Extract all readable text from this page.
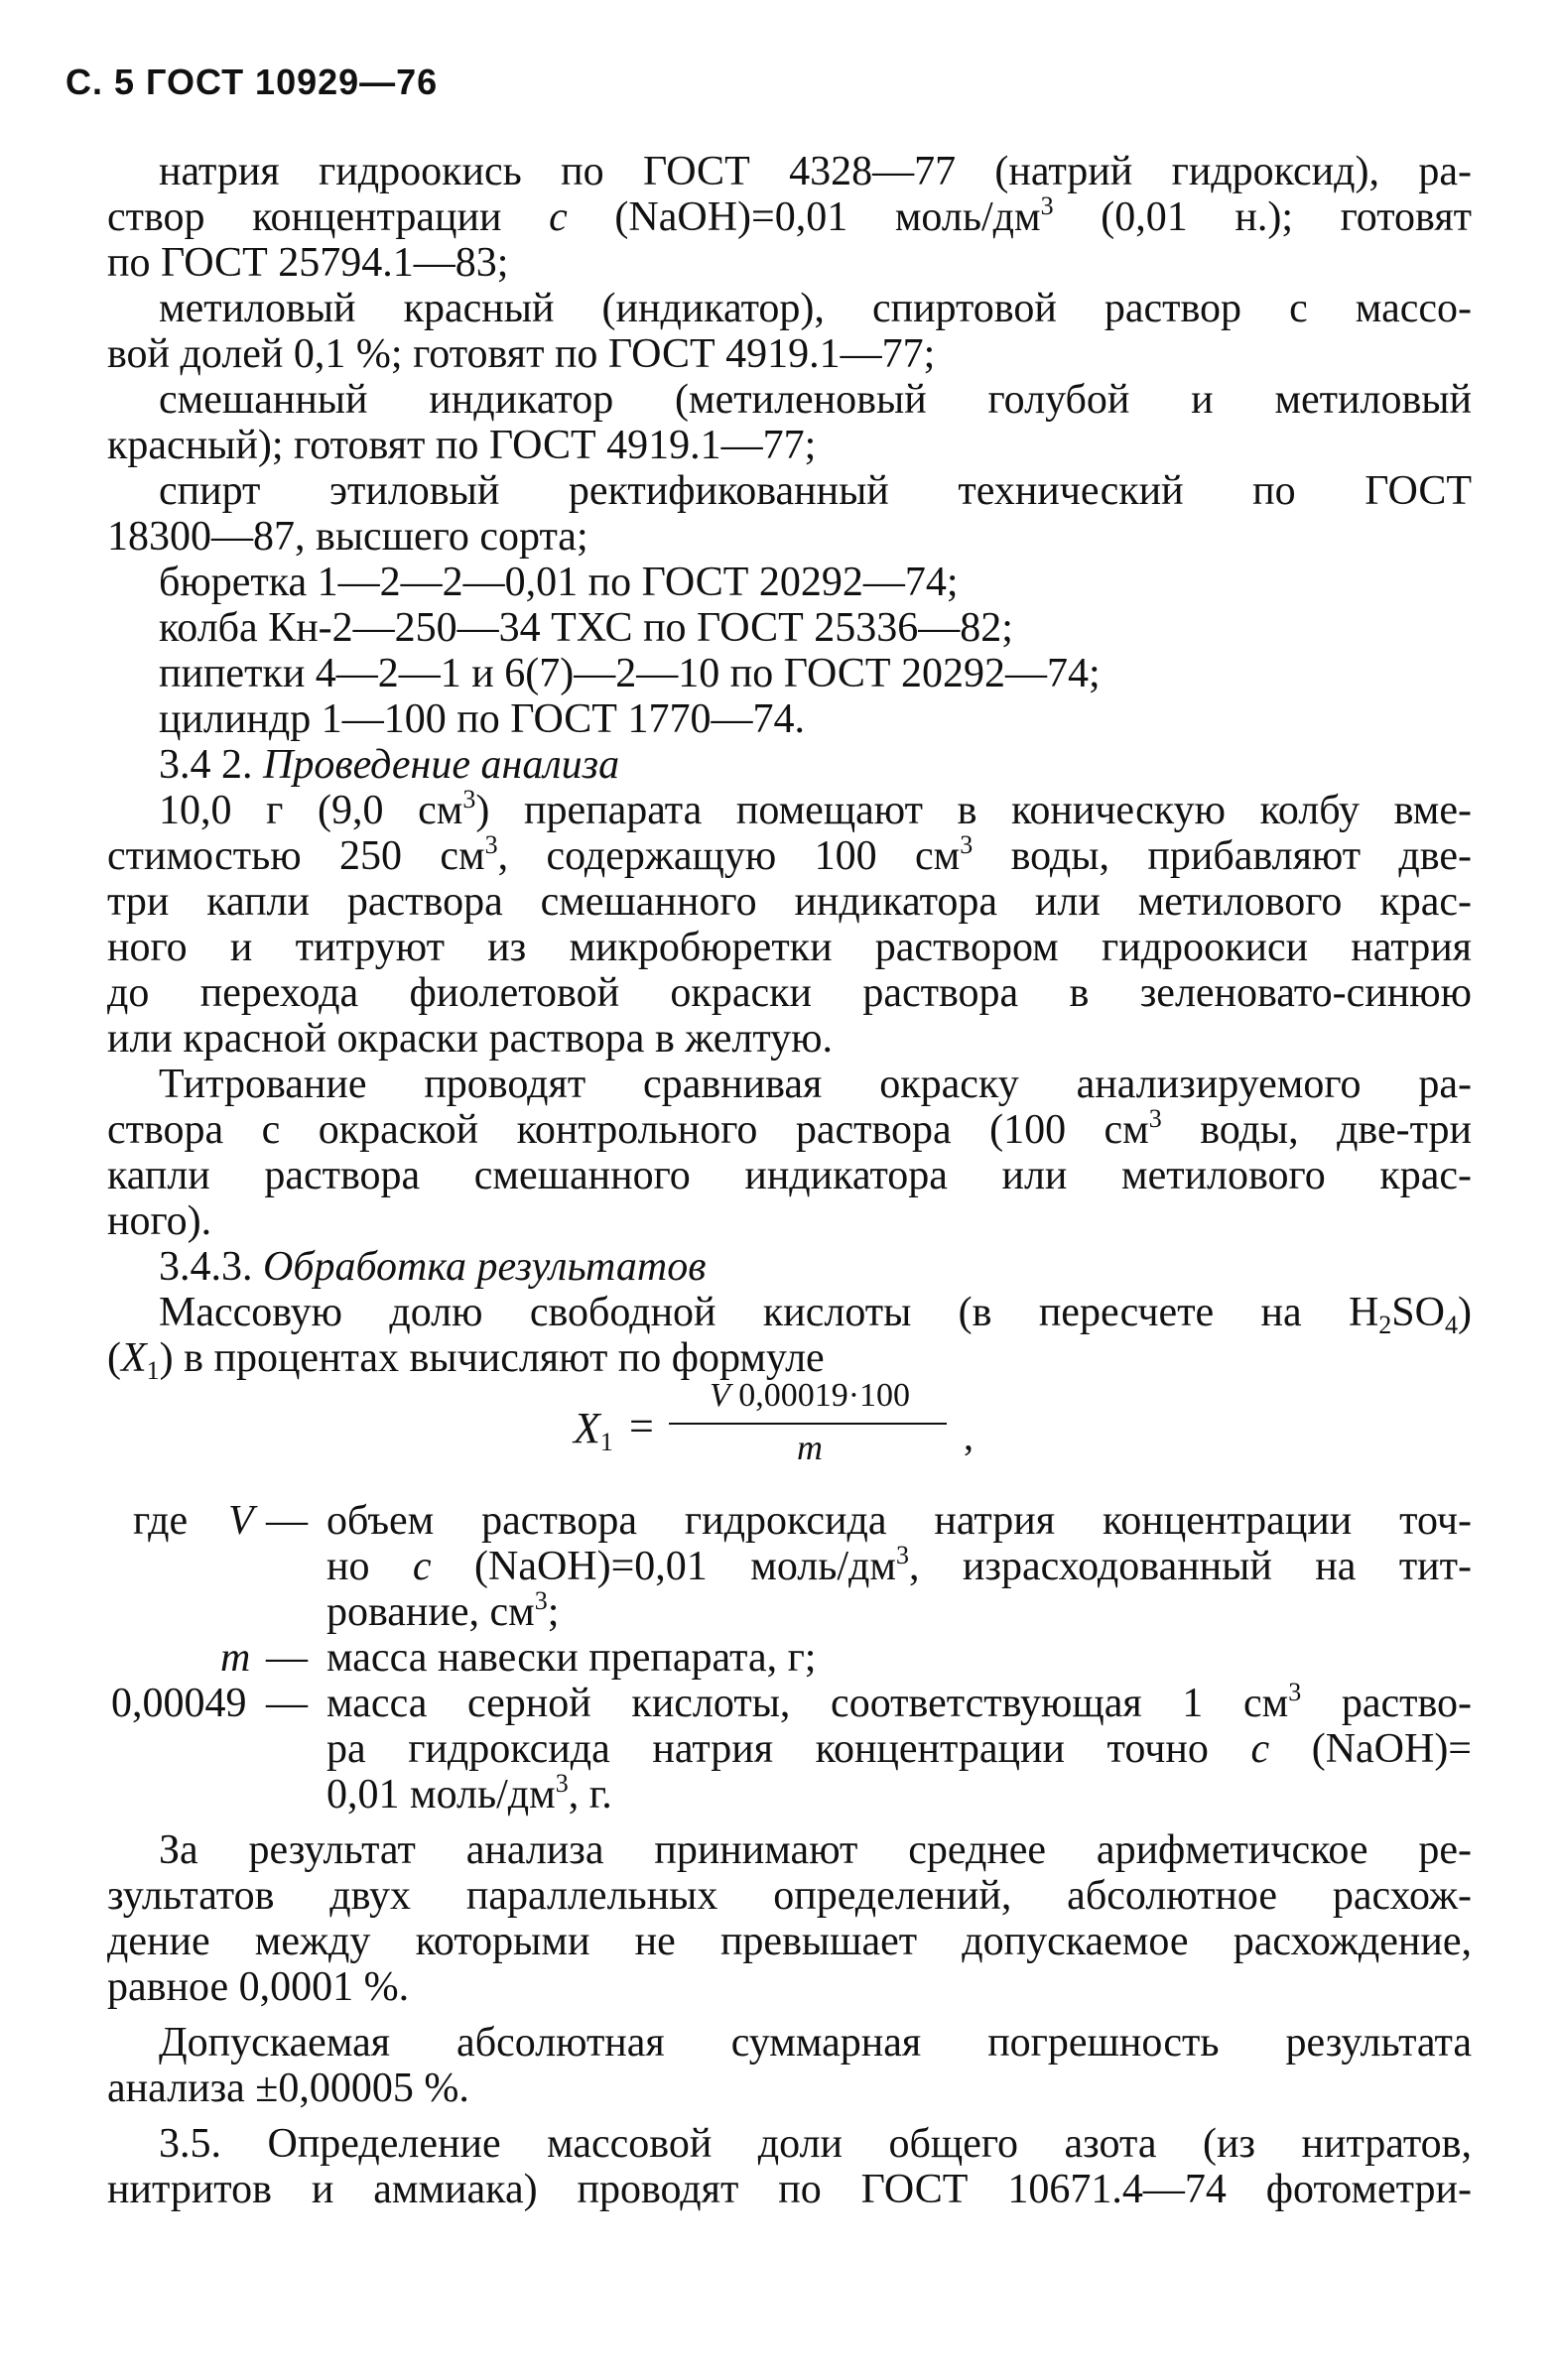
С. 5 ГОСТ 10929—76
натрия гидроокись по ГОСТ 4328—77 (натрий гидроксид), ра-
створ концентрации c (NaOH)=0,01 моль/$дм^3$ (0,01 н.); готовят
по ГОСТ 25794.1—83;
метиловый красный (индикатор), спиртовой раствор с массо-
вой долей 0,1 %; готовят по ГОСТ 4919.1—77;
смешанный индикатор (метиленовый голубой и метиловый
красный); готовят по ГОСТ 4919.1—77;
спирт этиловый ректификованный технический по ГОСТ
18300—87, высшего сорта;
бюретка 1—2—2—0,01 по ГОСТ 20292—74;
колба Кн-2—250—34 ТХС по ГОСТ 25336—82;
пипетки 4—2—1 и 6(7)—2—10 по ГОСТ 20292—74;
цилиндр 1—100 по ГОСТ 1770—74.
3.4 2. Проведение анализа
10,0 г (9,0 $см^3$) препарата помещают в коническую колбу вме-
стимостью 250 $см^3$, содержащую 100 $см^3$ воды, прибавляют две-
три капли раствора смешанного индикатора или метилового крас-
ного и титруют из микробюретки раствором гидроокиси натрия
до перехода фиолетовой окраски раствора в зеленовато-синюю
или красной окраски раствора в желтую.
Титрование проводят сравнивая окраску анализируемого ра-
створа с окраской контрольного раствора (100 $см^3$ воды, две-три
капли раствора смешанного индикатора или метилового крас-
ного).
3.4.3. Обработка результатов
Массовую долю свободной кислоты (в пересчете на $H_2SO_4$)
$(X_1)$ в процентах вычисляют по формуле
$X_1$ =
V 0,00019·100
m	,
где V — объем раствора гидроксида натрия концентрации точ-
но c (NaOH)=0,01 моль/$дм^3$, израсходованный на тит-
рование, $см^3$;
m — масса навески препарата, г;
0,00049 — масса серной кислоты, соответствующая 1 $см^3$ раство-
ра гидроксида натрия концентрации точно c (NaOH)=
0,01 моль/$дм^3$, г.
За результат анализа принимают среднее арифметичское ре-
зультатов двух параллельных определений, абсолютное расхож-
дение между которыми не превышает допускаемое расхождение,
равное 0,0001 %.
Допускаемая абсолютная суммарная погрешность результата
анализа ±0,00005 %.
3.5. Определение массовой доли общего азота (из нитратов,
нитритов и аммиака) проводят по ГОСТ 10671.4—74 фотометри-
